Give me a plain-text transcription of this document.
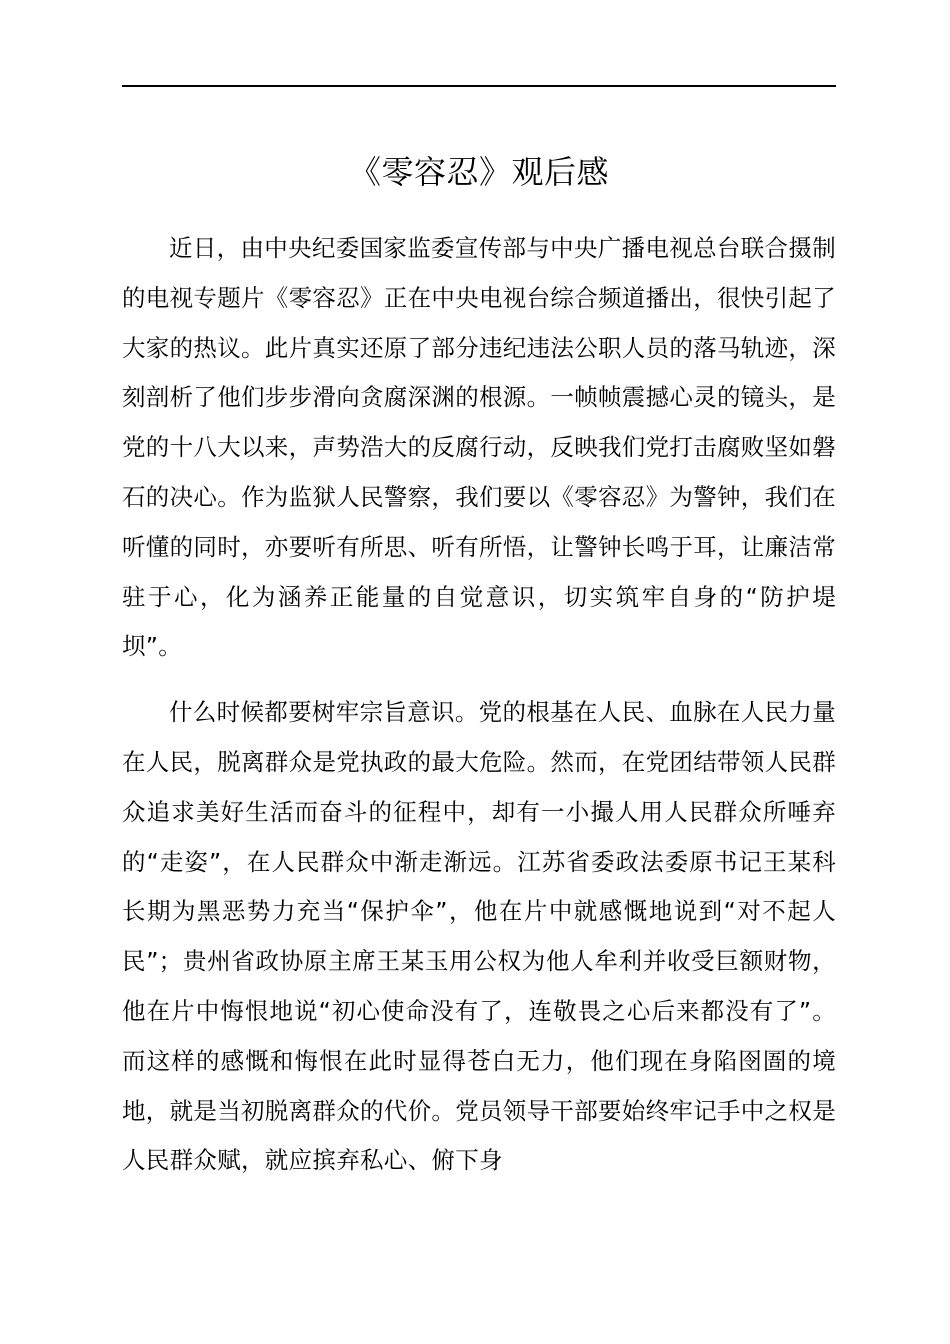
《零容忍》观后感

近日，由中央纪委国家监委宣传部与中央广播电视总台联合摄制的电视专题片《零容忍》正在中央电视台综合频道播出，很快引起了大家的热议。此片真实还原了部分违纪违法公职人员的落马轨迹，深刻剖析了他们步步滑向贪腐深渊的根源。一帧帧震撼心灵的镜头，是党的十八大以来，声势浩大的反腐行动，反映我们党打击腐败坚如磐石的决心。作为监狱人民警察，我们要以《零容忍》为警钟，我们在听懂的同时，亦要听有所思、听有所悟，让警钟长鸣于耳，让廉洁常驻于心，化为涵养正能量的自觉意识，切实筑牢自身的“防护堤坝”。

什么时候都要树牢宗旨意识。党的根基在人民、血脉在人民力量在人民，脱离群众是党执政的最大危险。然而，在党团结带领人民群众追求美好生活而奋斗的征程中，却有一小撮人用人民群众所唾弃的“走姿”，在人民群众中渐走渐远。江苏省委政法委原书记王某科长期为黑恶势力充当“保护伞”，他在片中就感慨地说到“对不起人民”；贵州省政协原主席王某玉用公权为他人牟利并收受巨额财物，他在片中悔恨地说“初心使命没有了，连敬畏之心后来都没有了”。而这样的感慨和悔恨在此时显得苍白无力，他们现在身陷囹圄的境地，就是当初脱离群众的代价。党员领导干部要始终牢记手中之权是人民群众赋，就应摈弃私心、俯下身
